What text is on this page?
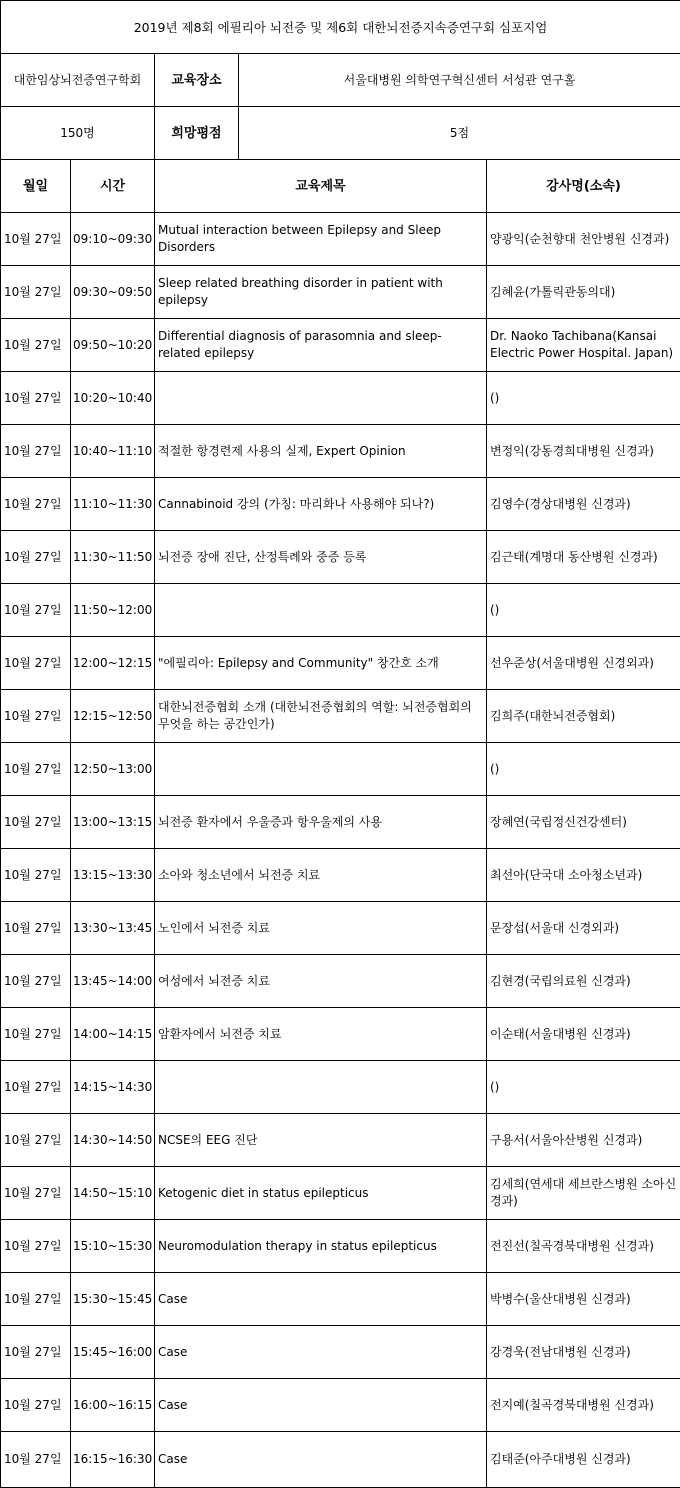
2019년 제8회 에필리아 뇌전증 및 제6회 대한뇌전증지속증연구회 심포지엄				
대한임상뇌전증연구학회		교육장소	서울대병원 의학연구혁신센터 서성관 연구홀	
150명		희망평점	5점	
월일	시간	교육제목		강사명(소속)
10월 27일	09:10~09:30	Mutual interaction between Epilepsy and Sleep Disorders		양광익(순천향대 천안병원 신경과)
10월 27일	09:30~09:50	Sleep related breathing disorder in patient with epilepsy		김혜윤(가톨릭관동의대)
10월 27일	09:50~10:20	Differential diagnosis of parasomnia and sleep-related epilepsy		Dr. Naoko Tachibana(Kansai Electric Power Hospital. Japan)
10월 27일	10:20~10:40			()
10월 27일	10:40~11:10	적절한 항경련제 사용의 실제, Expert Opinion		변정익(강동경희대병원 신경과)
10월 27일	11:10~11:30	Cannabinoid 강의 (가칭: 마리화나 사용해야 되나?)		김영수(경상대병원 신경과)
10월 27일	11:30~11:50	뇌전증 장애 진단, 산정특례와 중증 등록		김근태(계명대 동산병원 신경과)
10월 27일	11:50~12:00			()
10월 27일	12:00~12:15	"에필리아: Epilepsy and Community" 창간호 소개		선우준상(서울대병원 신경외과)
10월 27일	12:15~12:50	대한뇌전증협회 소개 (대한뇌전증협회의 역할: 뇌전증협회의 무엇을 하는 공간인가)		김희주(대한뇌전증협회)
10월 27일	12:50~13:00			()
10월 27일	13:00~13:15	뇌전증 환자에서 우울증과 항우울제의 사용		장혜연(국립정신건강센터)
10월 27일	13:15~13:30	소아와 청소년에서 뇌전증 치료		최선아(단국대 소아청소년과)
10월 27일	13:30~13:45	노인에서 뇌전증 치료		문장섭(서울대 신경외과)
10월 27일	13:45~14:00	여성에서 뇌전증 치료		김현경(국립의료원 신경과)
10월 27일	14:00~14:15	암환자에서 뇌전증 치료		이순태(서울대병원 신경과)
10월 27일	14:15~14:30			()
10월 27일	14:30~14:50	NCSE의 EEG 진단		구용서(서울아산병원 신경과)
10월 27일	14:50~15:10	Ketogenic diet in status epilepticus		김세희(연세대 세브란스병원 소아신경과)
10월 27일	15:10~15:30	Neuromodulation therapy in status epilepticus		전진선(칠곡경북대병원 신경과)
10월 27일	15:30~15:45	Case		박병수(울산대병원 신경과)
10월 27일	15:45~16:00	Case		강경욱(전남대병원 신경과)
10월 27일	16:00~16:15	Case		전지예(칠곡경북대병원 신경과)
10월 27일	16:15~16:30	Case		김태준(아주대병원 신경과)
